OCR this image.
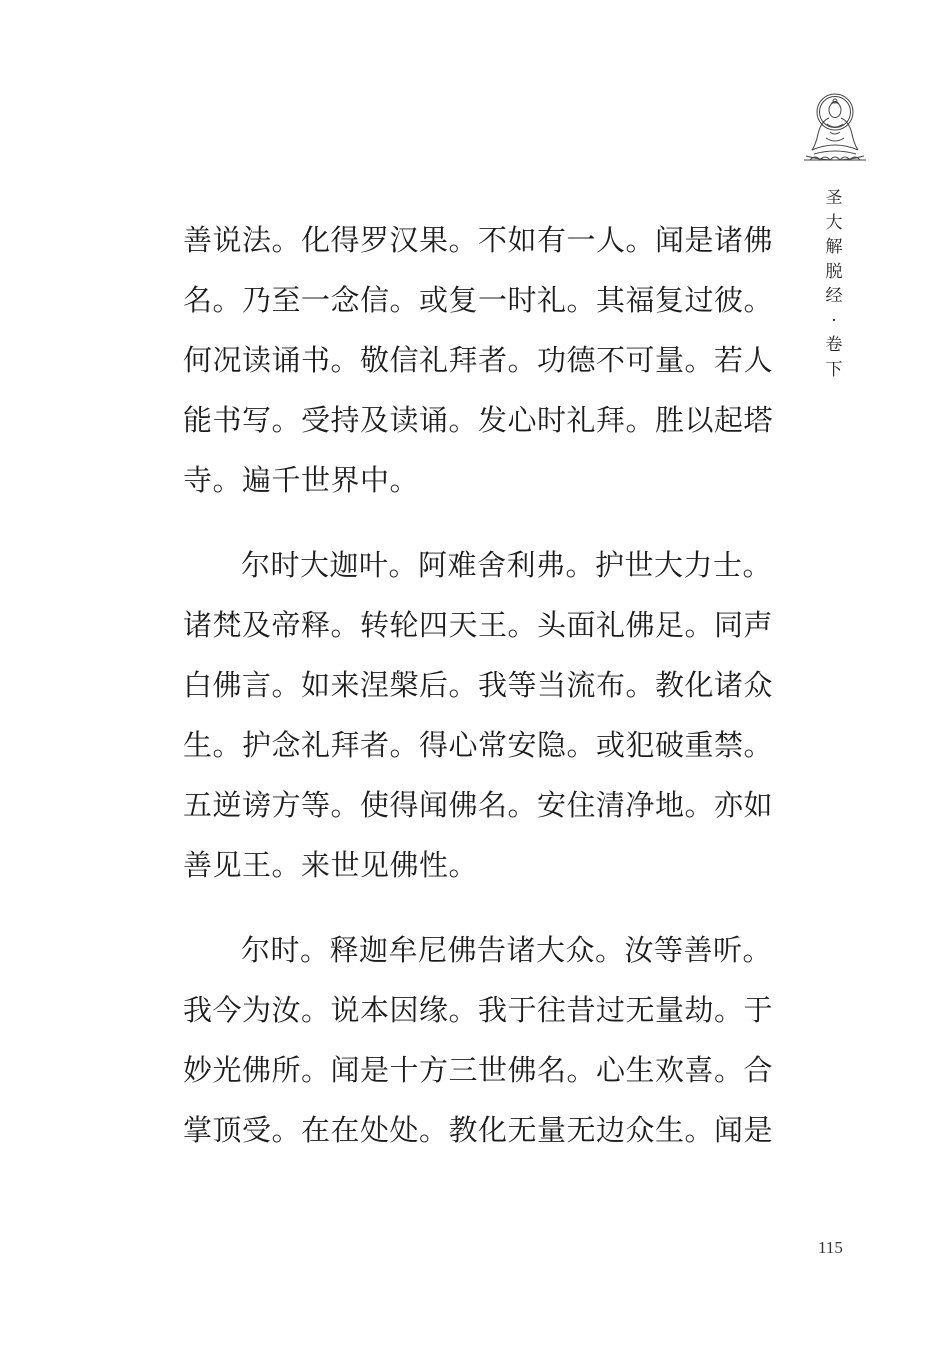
圣
大
解
脱
经
·
卷
下

善说法。化得罗汉果。不如有一人。闻是诸佛
名。乃至一念信。或复一时礼。其福复过彼。
何况读诵书。敬信礼拜者。功德不可量。若人
能书写。受持及读诵。发心时礼拜。胜以起塔
寺。遍千世界中。

尔时大迦叶。阿难舍利弗。护世大力士。
诸梵及帝释。转轮四天王。头面礼佛足。同声
白佛言。如来涅槃后。我等当流布。教化诸众
生。护念礼拜者。得心常安隐。或犯破重禁。
五逆谤方等。使得闻佛名。安住清净地。亦如
善见王。来世见佛性。

尔时。释迦牟尼佛告诸大众。汝等善听。
我今为汝。说本因缘。我于往昔过无量劫。于
妙光佛所。闻是十方三世佛名。心生欢喜。合
掌顶受。在在处处。教化无量无边众生。闻是

115
